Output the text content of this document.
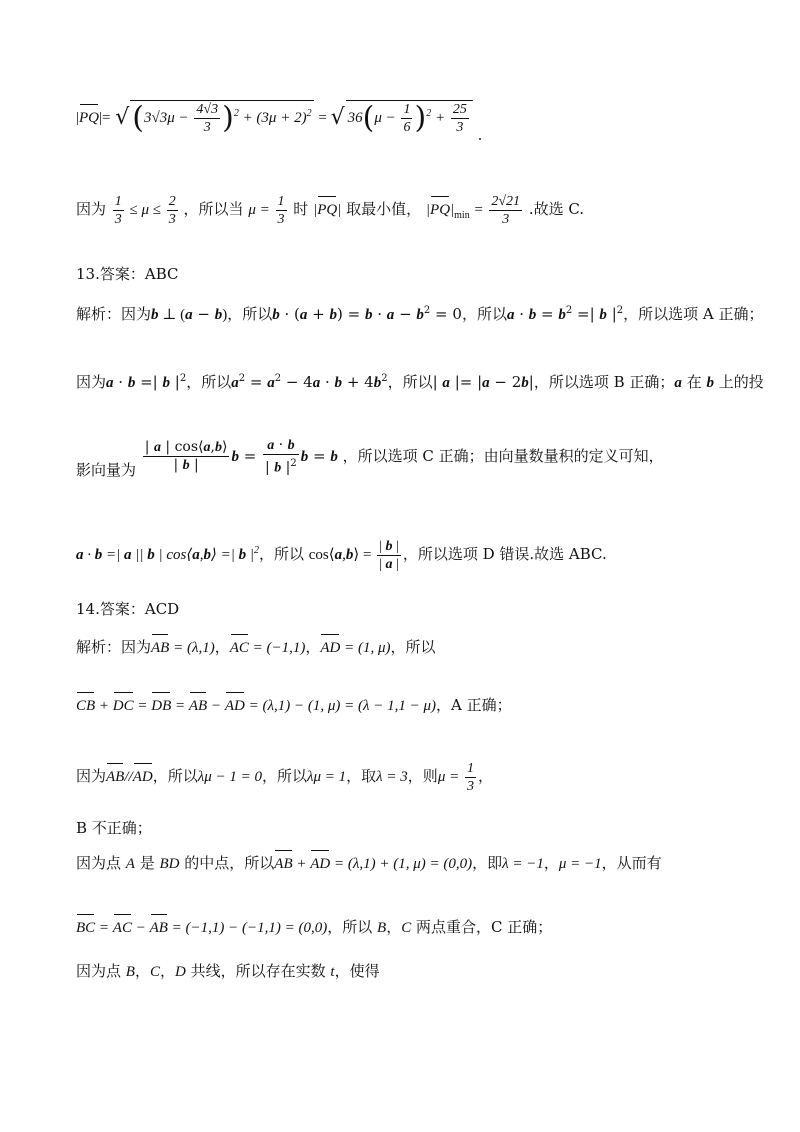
|PQ|= √ $(3√3\mu - \frac{4√3}{3} )^2 + (3\mu + 2)^2 = √36(\mu - \frac{1}{6} )^2 + \frac{25}{3}$ .
因为 $\frac{1}{3} \le \mu \le \frac{2}{3}$ ，所以当 $\mu = \frac{1}{3}$ 时 |PQ| 取最小值， $|PQ|_{min} = \frac{2√21}{3}$ .故选 C.
13.答案：ABC
解析：因为b ⊥ (a − b)，所以$b \cdot (a + b) = b \cdot a - b^2 = 0$，所以$a \cdot b = b^2$ =| b $|^2$，所以选项 A 正确；
因为a · b =| b $|^2$，所以$a^2 = a^2 - 4a \cdot b + 4b^2$，所以| a |= |a − 2b|，所以选项 B 正确；a 在 b 上的投
影向量为 $\frac{| a | \cos⟨a,b⟩}{| b |}$ $b = \frac{a \cdot b}{| b |^2}$ b = b ，所以选项 C 正确；由向量数量积的定义可知，
a · b =| a || b | cos⟨a,b⟩ =| b $|^2$，所以 cos⟨a,b⟩ = $\frac{| b |}{| a |}$ ，所以选项 D 错误.故选 ABC.
14.答案：ACD
解析：因为AB = (λ,1)，AC = (−1,1)，AD = (1, μ)，所以
CB + DC = DB = AB − AD = (λ,1) − (1, μ) = (λ − 1,1 − μ)，A 正确；
因为AB//AD，所以λμ − 1 = 0，所以λμ = 1，取λ = 3，则$\mu = \frac{1}{3}$ ，
B 不正确；
因为点 A 是 BD 的中点，所以AB + AD = (λ,1) + (1, μ) = (0,0)，即λ = −1，μ = −1，从而有
BC = AC − AB = (−1,1) − (−1,1) = (0,0)，所以 B，C 两点重合，C 正确；
因为点 B，C，D 共线，所以存在实数 t，使得
